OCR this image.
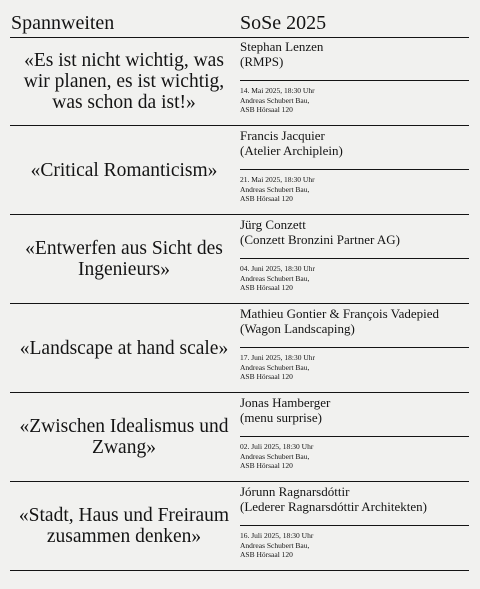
Spannweiten	SoSe 2025
«Es ist nicht wichtig, was wir planen, es ist wichtig, was schon da ist!»
Stephan Lenzen
(RMPS)
14. Mai 2025, 18:30 Uhr
Andreas Schubert Bau,
ASB Hörsaal 120
«Critical Romanticism»
Francis Jacquier
(Atelier Archiplein)
21. Mai 2025, 18:30 Uhr
Andreas Schubert Bau,
ASB Hörsaal 120
«Entwerfen aus Sicht des Ingenieurs»
Jürg Conzett
(Conzett Bronzini Partner AG)
04. Juni 2025, 18:30 Uhr
Andreas Schubert Bau,
ASB Hörsaal 120
«Landscape at hand scale»
Mathieu Gontier & François Vadepied
(Wagon Landscaping)
17. Juni 2025, 18:30 Uhr
Andreas Schubert Bau,
ASB Hörsaal 120
«Zwischen Idealismus und Zwang»
Jonas Hamberger
(menu surprise)
02. Juli 2025, 18:30 Uhr
Andreas Schubert Bau,
ASB Hörsaal 120
«Stadt, Haus und Freiraum zusammen denken»
Jórunn Ragnarsdóttir
(Lederer Ragnarsdóttir Architekten)
16. Juli 2025, 18:30 Uhr
Andreas Schubert Bau,
ASB Hörsaal 120
